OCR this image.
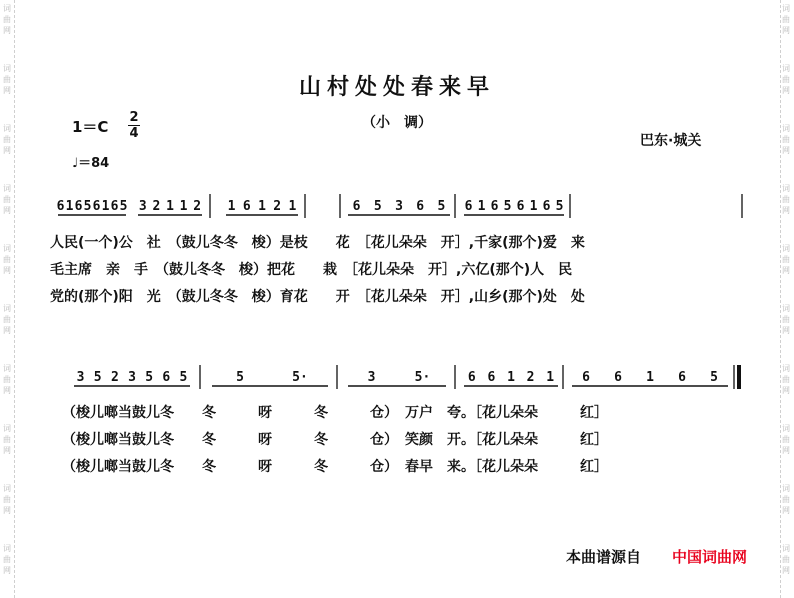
词
曲
网
词
曲
网
词
曲
网
词
曲
网
词
曲
网
词
曲
网
词
曲
网
词
曲
网
词
曲
网
词
曲
网
词
曲
网
词
曲
网
词
曲
网
词
曲
网
词
曲
网
词
曲
网
词
曲
网
词
曲
网
词
曲
网
词
曲
网
山村处处春来早
（小　调）
$1=C \frac{2}{4}$
♩＝84
巴东·城关
6 1 6 5 6 1 6 5 3 2 1 1 2 1 6 1 2 1	6 5 3 6 5 6 1 6 5 6 1 6 5
3 5 2 3 5 6 5	5	5·	3	5·	6 6 1 2 1 6 6 1 6 5
人民(一个)公　社　（鼓儿冬冬　梭）是枝　　花　［花儿朵朵　开］,千家(那个)爱　来
毛主席　亲　手　（鼓儿冬冬　梭）把花　　栽　［花儿朵朵　开］,六亿(那个)人　民
党的(那个)阳　光　（鼓儿冬冬　梭）育花　　开　［花儿朵朵　开］,山乡(那个)处　处
（梭儿啷当鼓儿冬　　冬　　　呀　　　冬　　　仓）　万户　夸。［花儿朵朵　　　红］
（梭儿啷当鼓儿冬　　冬　　　呀　　　冬　　　仓）　笑颜　开。［花儿朵朵　　　红］
（梭儿啷当鼓儿冬　　冬　　　呀　　　冬　　　仓）　春早　来。［花儿朵朵　　　红］
本曲谱源自 中国词曲网
